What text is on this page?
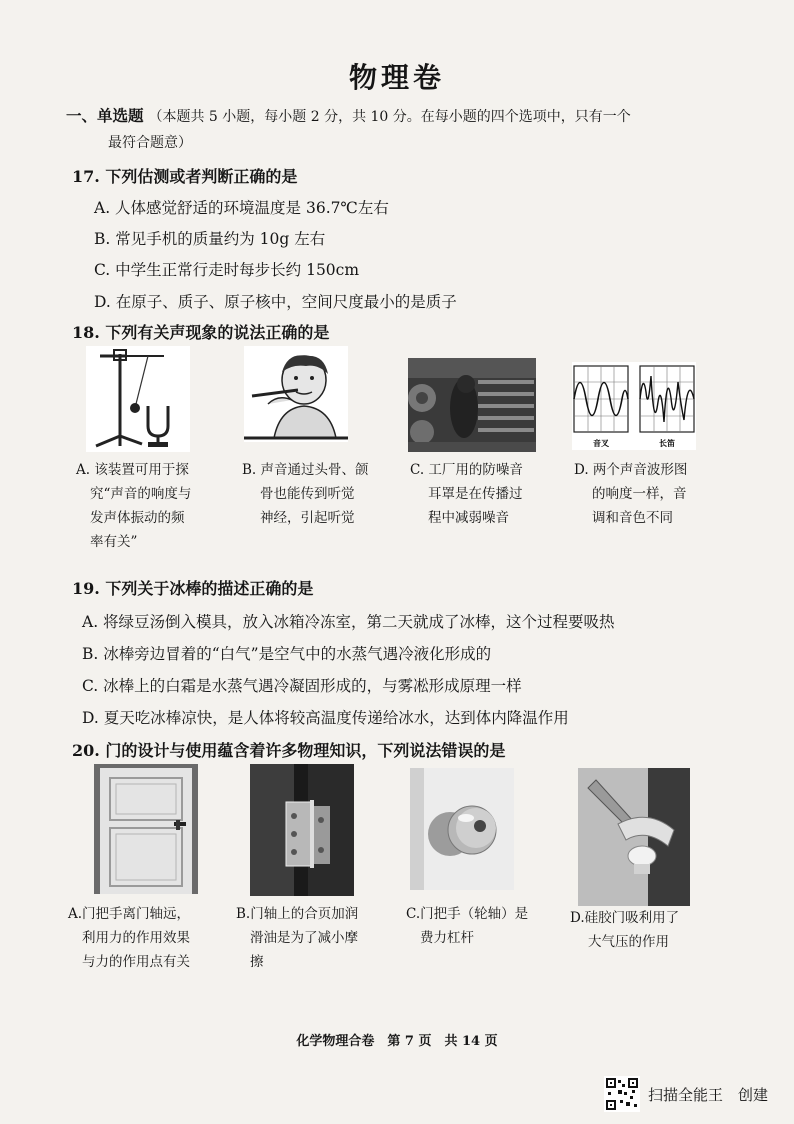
物理卷
一、单选题 （本题共 5 小题，每小题 2 分，共 10 分。在每小题的四个选项中，只有一个
最符合题意）
17. 下列估测或者判断正确的是
A. 人体感觉舒适的环境温度是 36.7℃左右
B. 常见手机的质量约为 10g 左右
C. 中学生正常行走时每步长约 150cm
D. 在原子、质子、原子核中，空间尺度最小的是质子
18. 下列有关声现象的说法正确的是
音叉	长笛
A. 该装置可用于探
究“声音的响度与
发声体振动的频
率有关”
B. 声音通过头骨、颌
骨也能传到听觉
神经，引起听觉
C. 工厂用的防噪音
耳罩是在传播过
程中减弱噪音
D. 两个声音波形图
的响度一样，音
调和音色不同
19. 下列关于冰棒的描述正确的是
A. 将绿豆汤倒入模具，放入冰箱冷冻室，第二天就成了冰棒，这个过程要吸热
B. 冰棒旁边冒着的“白气”是空气中的水蒸气遇冷液化形成的
C. 冰棒上的白霜是水蒸气遇冷凝固形成的，与雾凇形成原理一样
D. 夏天吃冰棒凉快，是人体将较高温度传递给冰水，达到体内降温作用
20. 门的设计与使用蕴含着许多物理知识，下列说法错误的是
A.门把手离门轴远，
利用力的作用效果
与力的作用点有关
B.门轴上的合页加润
滑油是为了减小摩
擦
C.门把手（轮轴）是
费力杠杆
D.硅胶门吸利用了
大气压的作用
化学物理合卷　第 7 页　共 14 页
扫描全能王　创建
